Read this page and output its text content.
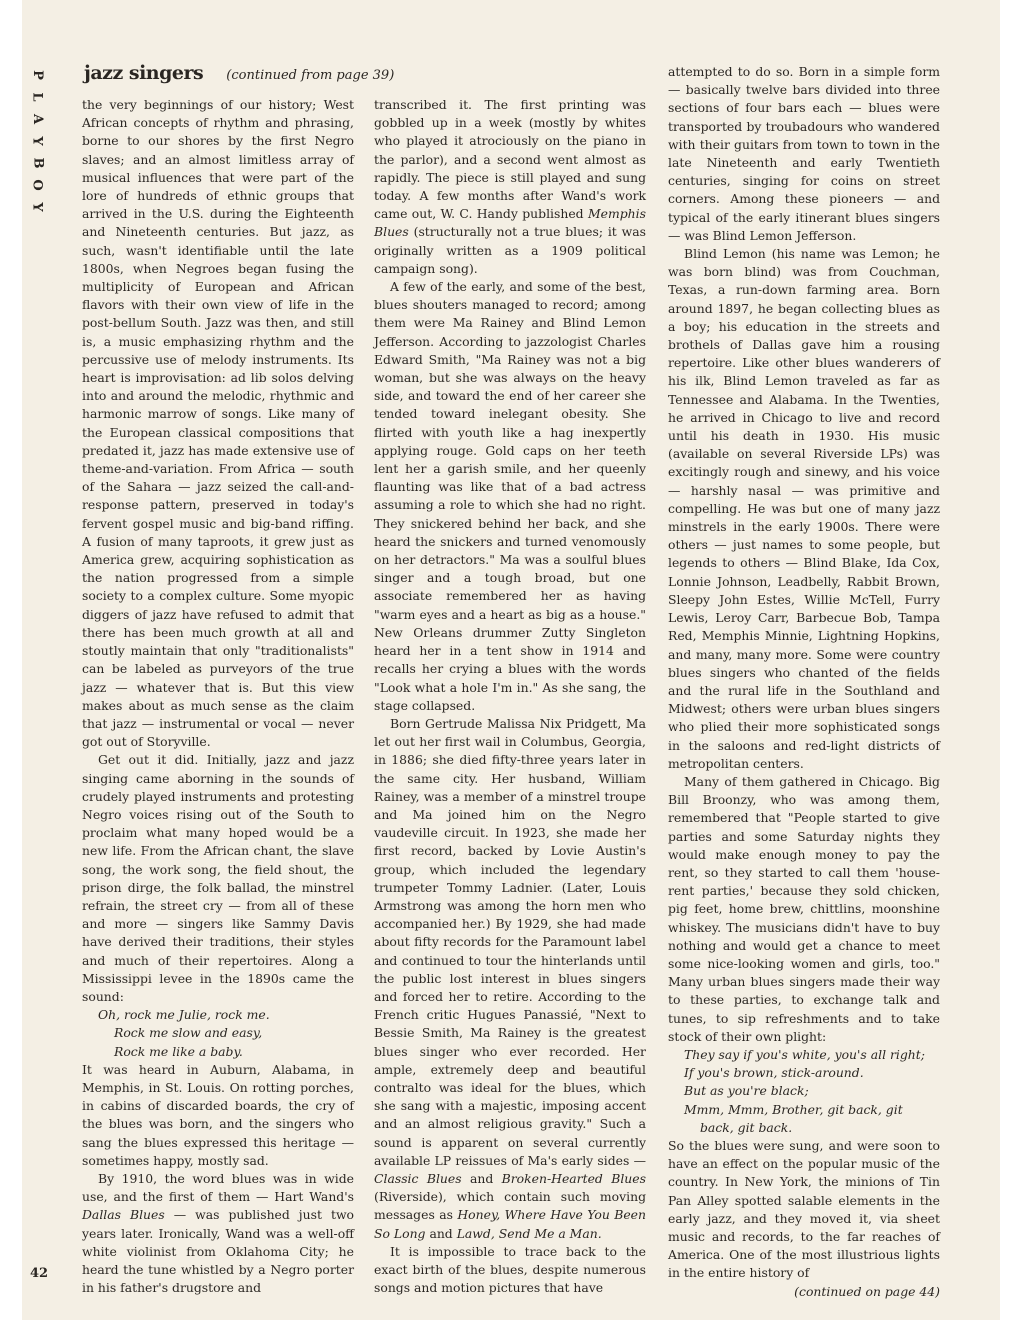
P
L
A
Y
B
O
Y
jazz singers (continued from page 39)

the very beginnings of our history; West African concepts of rhythm and phrasing, borne to our shores by the first Negro slaves; and an almost limitless array of musical influences that were part of the lore of hundreds of ethnic groups that arrived in the U.S. during the Eighteenth and Nineteenth centuries. But jazz, as such, wasn't identifiable until the late 1800s, when Negroes began fusing the multiplicity of European and African flavors with their own view of life in the post-bellum South. Jazz was then, and still is, a music emphasizing rhythm and the percussive use of melody instruments. Its heart is improvisation: ad lib solos delving into and around the melodic, rhythmic and harmonic marrow of songs. Like many of the European classical compositions that predated it, jazz has made extensive use of theme-and-variation. From Africa — south of the Sahara — jazz seized the call-and-response pattern, preserved in today's fervent gospel music and big-band riffing. A fusion of many taproots, it grew just as America grew, acquiring sophistication as the nation progressed from a simple society to a complex culture. Some myopic diggers of jazz have refused to admit that there has been much growth at all and stoutly maintain that only "traditionalists" can be labeled as purveyors of the true jazz — whatever that is. But this view makes about as much sense as the claim that jazz — instrumental or vocal — never got out of Storyville.

Get out it did. Initially, jazz and jazz singing came aborning in the sounds of crudely played instruments and protesting Negro voices rising out of the South to proclaim what many hoped would be a new life. From the African chant, the slave song, the work song, the field shout, the prison dirge, the folk ballad, the minstrel refrain, the street cry — from all of these and more — singers like Sammy Davis have derived their traditions, their styles and much of their repertoires. Along a Mississippi levee in the 1890s came the sound:

Oh, rock me Julie, rock me.
Rock me slow and easy,
Rock me like a baby.

It was heard in Auburn, Alabama, in Memphis, in St. Louis. On rotting porches, in cabins of discarded boards, the cry of the blues was born, and the singers who sang the blues expressed this heritage — sometimes happy, mostly sad.

By 1910, the word blues was in wide use, and the first of them — Hart Wand's Dallas Blues — was published just two years later. Ironically, Wand was a well-off white violinist from Oklahoma City; he heard the tune whistled by a Negro porter in his father's drugstore and

transcribed it. The first printing was gobbled up in a week (mostly by whites who played it atrociously on the piano in the parlor), and a second went almost as rapidly. The piece is still played and sung today. A few months after Wand's work came out, W. C. Handy published Memphis Blues (structurally not a true blues; it was originally written as a 1909 political campaign song).

A few of the early, and some of the best, blues shouters managed to record; among them were Ma Rainey and Blind Lemon Jefferson. According to jazzologist Charles Edward Smith, "Ma Rainey was not a big woman, but she was always on the heavy side, and toward the end of her career she tended toward inelegant obesity. She flirted with youth like a hag inexpertly applying rouge. Gold caps on her teeth lent her a garish smile, and her queenly flaunting was like that of a bad actress assuming a role to which she had no right. They snickered behind her back, and she heard the snickers and turned venomously on her detractors." Ma was a soulful blues singer and a tough broad, but one associate remembered her as having "warm eyes and a heart as big as a house." New Orleans drummer Zutty Singleton heard her in a tent show in 1914 and recalls her crying a blues with the words "Look what a hole I'm in." As she sang, the stage collapsed.

Born Gertrude Malissa Nix Pridgett, Ma let out her first wail in Columbus, Georgia, in 1886; she died fifty-three years later in the same city. Her husband, William Rainey, was a member of a minstrel troupe and Ma joined him on the Negro vaudeville circuit. In 1923, she made her first record, backed by Lovie Austin's group, which included the legendary trumpeter Tommy Ladnier. (Later, Louis Armstrong was among the horn men who accompanied her.) By 1929, she had made about fifty records for the Paramount label and continued to tour the hinterlands until the public lost interest in blues singers and forced her to retire. According to the French critic Hugues Panassié, "Next to Bessie Smith, Ma Rainey is the greatest blues singer who ever recorded. Her ample, extremely deep and beautiful contralto was ideal for the blues, which she sang with a majestic, imposing accent and an almost religious gravity." Such a sound is apparent on several currently available LP reissues of Ma's early sides — Classic Blues and Broken-Hearted Blues (Riverside), which contain such moving messages as Honey, Where Have You Been So Long and Lawd, Send Me a Man.

It is impossible to trace back to the exact birth of the blues, despite numerous songs and motion pictures that have

attempted to do so. Born in a simple form — basically twelve bars divided into three sections of four bars each — blues were transported by troubadours who wandered with their guitars from town to town in the late Nineteenth and early Twentieth centuries, singing for coins on street corners. Among these pioneers — and typical of the early itinerant blues singers — was Blind Lemon Jefferson.

Blind Lemon (his name was Lemon; he was born blind) was from Couchman, Texas, a run-down farming area. Born around 1897, he began collecting blues as a boy; his education in the streets and brothels of Dallas gave him a rousing repertoire. Like other blues wanderers of his ilk, Blind Lemon traveled as far as Tennessee and Alabama. In the Twenties, he arrived in Chicago to live and record until his death in 1930. His music (available on several Riverside LPs) was excitingly rough and sinewy, and his voice — harshly nasal — was primitive and compelling. He was but one of many jazz minstrels in the early 1900s. There were others — just names to some people, but legends to others — Blind Blake, Ida Cox, Lonnie Johnson, Leadbelly, Rabbit Brown, Sleepy John Estes, Willie McTell, Furry Lewis, Leroy Carr, Barbecue Bob, Tampa Red, Memphis Minnie, Lightning Hopkins, and many, many more. Some were country blues singers who chanted of the fields and the rural life in the Southland and Midwest; others were urban blues singers who plied their more sophisticated songs in the saloons and red-light districts of metropolitan centers.

Many of them gathered in Chicago. Big Bill Broonzy, who was among them, remembered that "People started to give parties and some Saturday nights they would make enough money to pay the rent, so they started to call them 'house-rent parties,' because they sold chicken, pig feet, home brew, chittlins, moonshine whiskey. The musicians didn't have to buy nothing and would get a chance to meet some nice-looking women and girls, too." Many urban blues singers made their way to these parties, to exchange talk and tunes, to sip refreshments and to take stock of their own plight:

They say if you's white, you's all right;
If you's brown, stick-around.
But as you're black;
Mmm, Mmm, Brother, git back, git back, git back.

So the blues were sung, and were soon to have an effect on the popular music of the country. In New York, the minions of Tin Pan Alley spotted salable elements in the early jazz, and they moved it, via sheet music and records, to the far reaches of America. One of the most illustrious lights in the entire history of

(continued on page 44)

42
